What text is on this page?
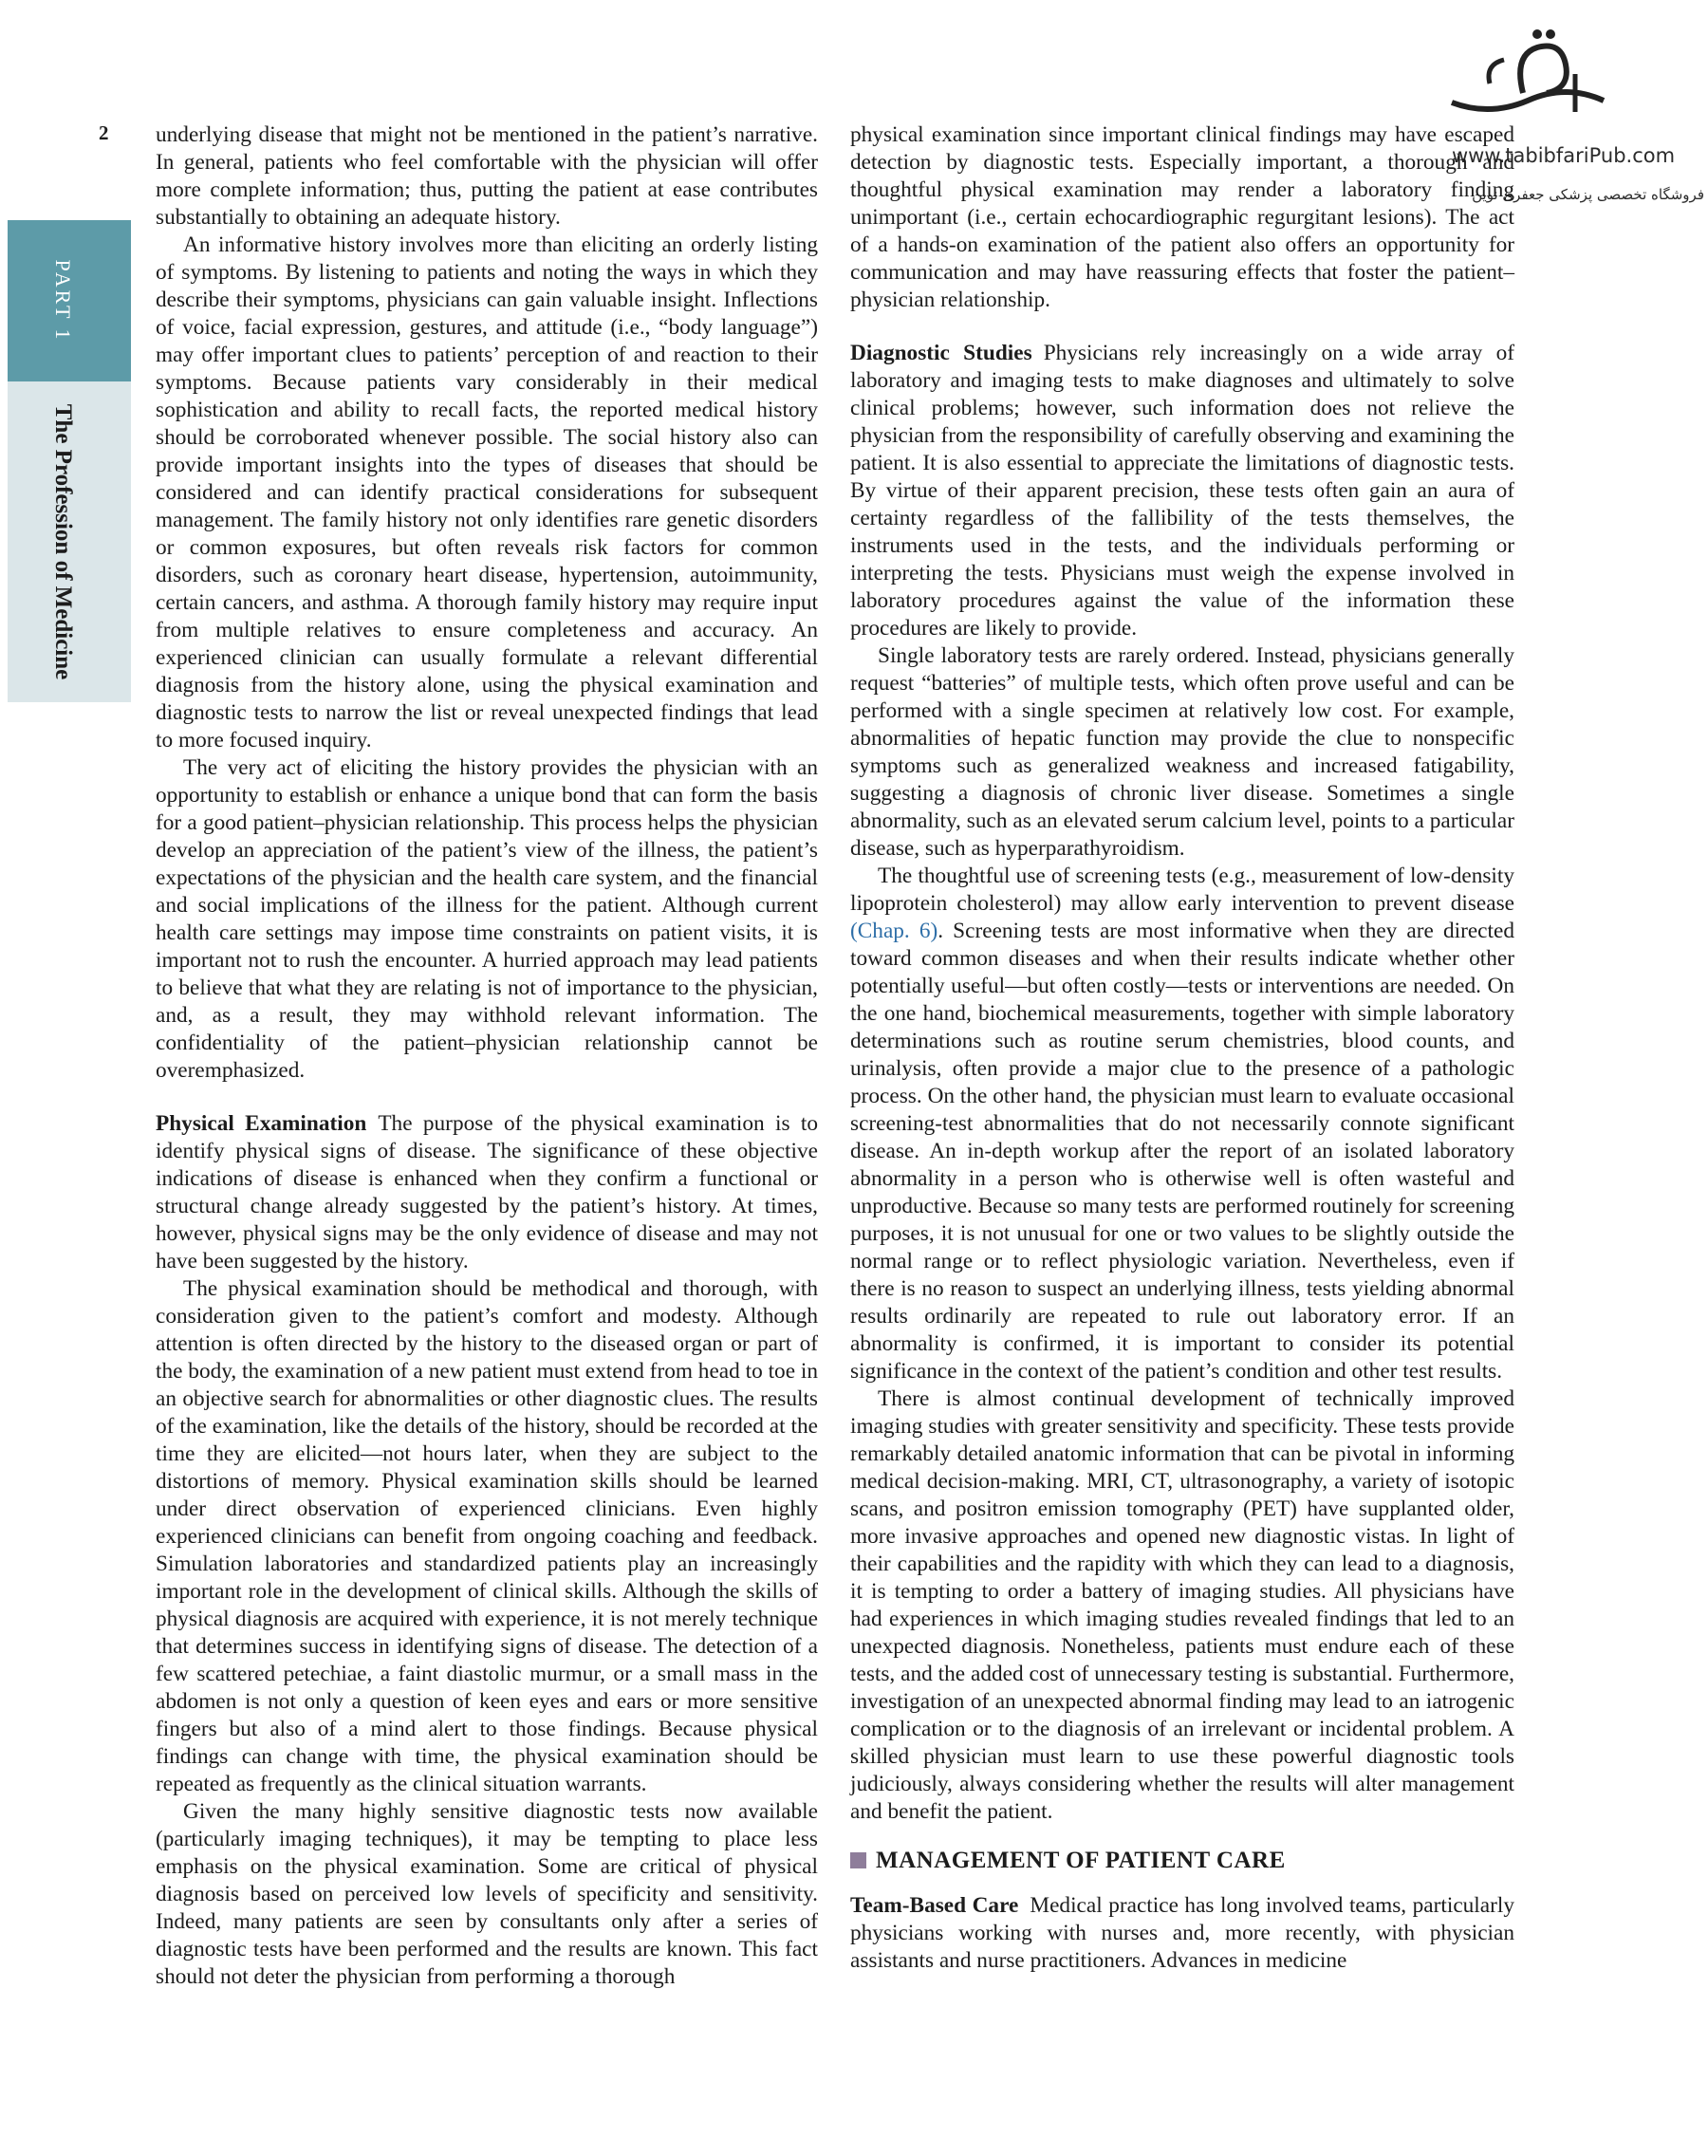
2
PART 1
The Profession of Medicine
www.tabibfariPub.com
فروشگاه تخصصی پزشکی جعفری نوین

underlying disease that might not be mentioned in the patient’s narrative. In general, patients who feel comfortable with the physician will offer more complete information; thus, putting the patient at ease contributes substantially to obtaining an adequate history.

An informative history involves more than eliciting an orderly listing of symptoms. By listening to patients and noting the ways in which they describe their symptoms, physicians can gain valuable insight. Inflections of voice, facial expression, gestures, and attitude (i.e., “body language”) may offer important clues to patients’ perception of and reaction to their symptoms. Because patients vary considerably in their medical sophistication and ability to recall facts, the reported medical history should be corroborated whenever possible. The social history also can provide important insights into the types of diseases that should be considered and can identify practical considerations for subsequent management. The family history not only identifies rare genetic disorders or common exposures, but often reveals risk factors for common disorders, such as coronary heart disease, hypertension, autoimmunity, certain cancers, and asthma. A thorough family history may require input from multiple relatives to ensure completeness and accuracy. An experienced clinician can usually formulate a relevant differential diagnosis from the history alone, using the physical examination and diagnostic tests to narrow the list or reveal unexpected findings that lead to more focused inquiry.

The very act of eliciting the history provides the physician with an opportunity to establish or enhance a unique bond that can form the basis for a good patient–physician relationship. This process helps the physician develop an appreciation of the patient’s view of the illness, the patient’s expectations of the physician and the health care system, and the financial and social implications of the illness for the patient. Although current health care settings may impose time constraints on patient visits, it is important not to rush the encounter. A hurried approach may lead patients to believe that what they are relating is not of importance to the physician, and, as a result, they may withhold relevant information. The confidentiality of the patient–physician relationship cannot be overemphasized.

Physical Examination The purpose of the physical examination is to identify physical signs of disease. The significance of these objective indications of disease is enhanced when they confirm a functional or structural change already suggested by the patient’s history. At times, however, physical signs may be the only evidence of disease and may not have been suggested by the history.

The physical examination should be methodical and thorough, with consideration given to the patient’s comfort and modesty. Although attention is often directed by the history to the diseased organ or part of the body, the examination of a new patient must extend from head to toe in an objective search for abnormalities or other diagnostic clues. The results of the examination, like the details of the history, should be recorded at the time they are elicited—not hours later, when they are subject to the distortions of memory. Physical examination skills should be learned under direct observation of experienced clinicians. Even highly experienced clinicians can benefit from ongoing coaching and feedback. Simulation laboratories and standardized patients play an increasingly important role in the development of clinical skills. Although the skills of physical diagnosis are acquired with experience, it is not merely technique that determines success in identifying signs of disease. The detection of a few scattered petechiae, a faint diastolic murmur, or a small mass in the abdomen is not only a question of keen eyes and ears or more sensitive fingers but also of a mind alert to those findings. Because physical findings can change with time, the physical examination should be repeated as frequently as the clinical situation warrants.

Given the many highly sensitive diagnostic tests now available (particularly imaging techniques), it may be tempting to place less emphasis on the physical examination. Some are critical of physical diagnosis based on perceived low levels of specificity and sensitivity. Indeed, many patients are seen by consultants only after a series of diagnostic tests have been performed and the results are known. This fact should not deter the physician from performing a thorough

physical examination since important clinical findings may have escaped detection by diagnostic tests. Especially important, a thorough and thoughtful physical examination may render a laboratory finding unimportant (i.e., certain echocardiographic regurgitant lesions). The act of a hands-on examination of the patient also offers an opportunity for communication and may have reassuring effects that foster the patient–physician relationship.

Diagnostic Studies Physicians rely increasingly on a wide array of laboratory and imaging tests to make diagnoses and ultimately to solve clinical problems; however, such information does not relieve the physician from the responsibility of carefully observing and examining the patient. It is also essential to appreciate the limitations of diagnostic tests. By virtue of their apparent precision, these tests often gain an aura of certainty regardless of the fallibility of the tests themselves, the instruments used in the tests, and the individuals performing or interpreting the tests. Physicians must weigh the expense involved in laboratory procedures against the value of the information these procedures are likely to provide.

Single laboratory tests are rarely ordered. Instead, physicians generally request “batteries” of multiple tests, which often prove useful and can be performed with a single specimen at relatively low cost. For example, abnormalities of hepatic function may provide the clue to nonspecific symptoms such as generalized weakness and increased fatigability, suggesting a diagnosis of chronic liver disease. Sometimes a single abnormality, such as an elevated serum calcium level, points to a particular disease, such as hyperparathyroidism.

The thoughtful use of screening tests (e.g., measurement of low-density lipoprotein cholesterol) may allow early intervention to prevent disease (Chap. 6). Screening tests are most informative when they are directed toward common diseases and when their results indicate whether other potentially useful—but often costly—tests or interventions are needed. On the one hand, biochemical measurements, together with simple laboratory determinations such as routine serum chemistries, blood counts, and urinalysis, often provide a major clue to the presence of a pathologic process. On the other hand, the physician must learn to evaluate occasional screening-test abnormalities that do not necessarily connote significant disease. An in-depth workup after the report of an isolated laboratory abnormality in a person who is otherwise well is often wasteful and unproductive. Because so many tests are performed routinely for screening purposes, it is not unusual for one or two values to be slightly outside the normal range or to reflect physiologic variation. Nevertheless, even if there is no reason to suspect an underlying illness, tests yielding abnormal results ordinarily are repeated to rule out laboratory error. If an abnormality is confirmed, it is important to consider its potential significance in the context of the patient’s condition and other test results.

There is almost continual development of technically improved imaging studies with greater sensitivity and specificity. These tests provide remarkably detailed anatomic information that can be pivotal in informing medical decision-making. MRI, CT, ultrasonography, a variety of isotopic scans, and positron emission tomography (PET) have supplanted older, more invasive approaches and opened new diagnostic vistas. In light of their capabilities and the rapidity with which they can lead to a diagnosis, it is tempting to order a battery of imaging studies. All physicians have had experiences in which imaging studies revealed findings that led to an unexpected diagnosis. Nonetheless, patients must endure each of these tests, and the added cost of unnecessary testing is substantial. Furthermore, investigation of an unexpected abnormal finding may lead to an iatrogenic complication or to the diagnosis of an irrelevant or incidental problem. A skilled physician must learn to use these powerful diagnostic tools judiciously, always considering whether the results will alter management and benefit the patient.

MANAGEMENT OF PATIENT CARE

Team-Based Care Medical practice has long involved teams, particularly physicians working with nurses and, more recently, with physician assistants and nurse practitioners. Advances in medicine
